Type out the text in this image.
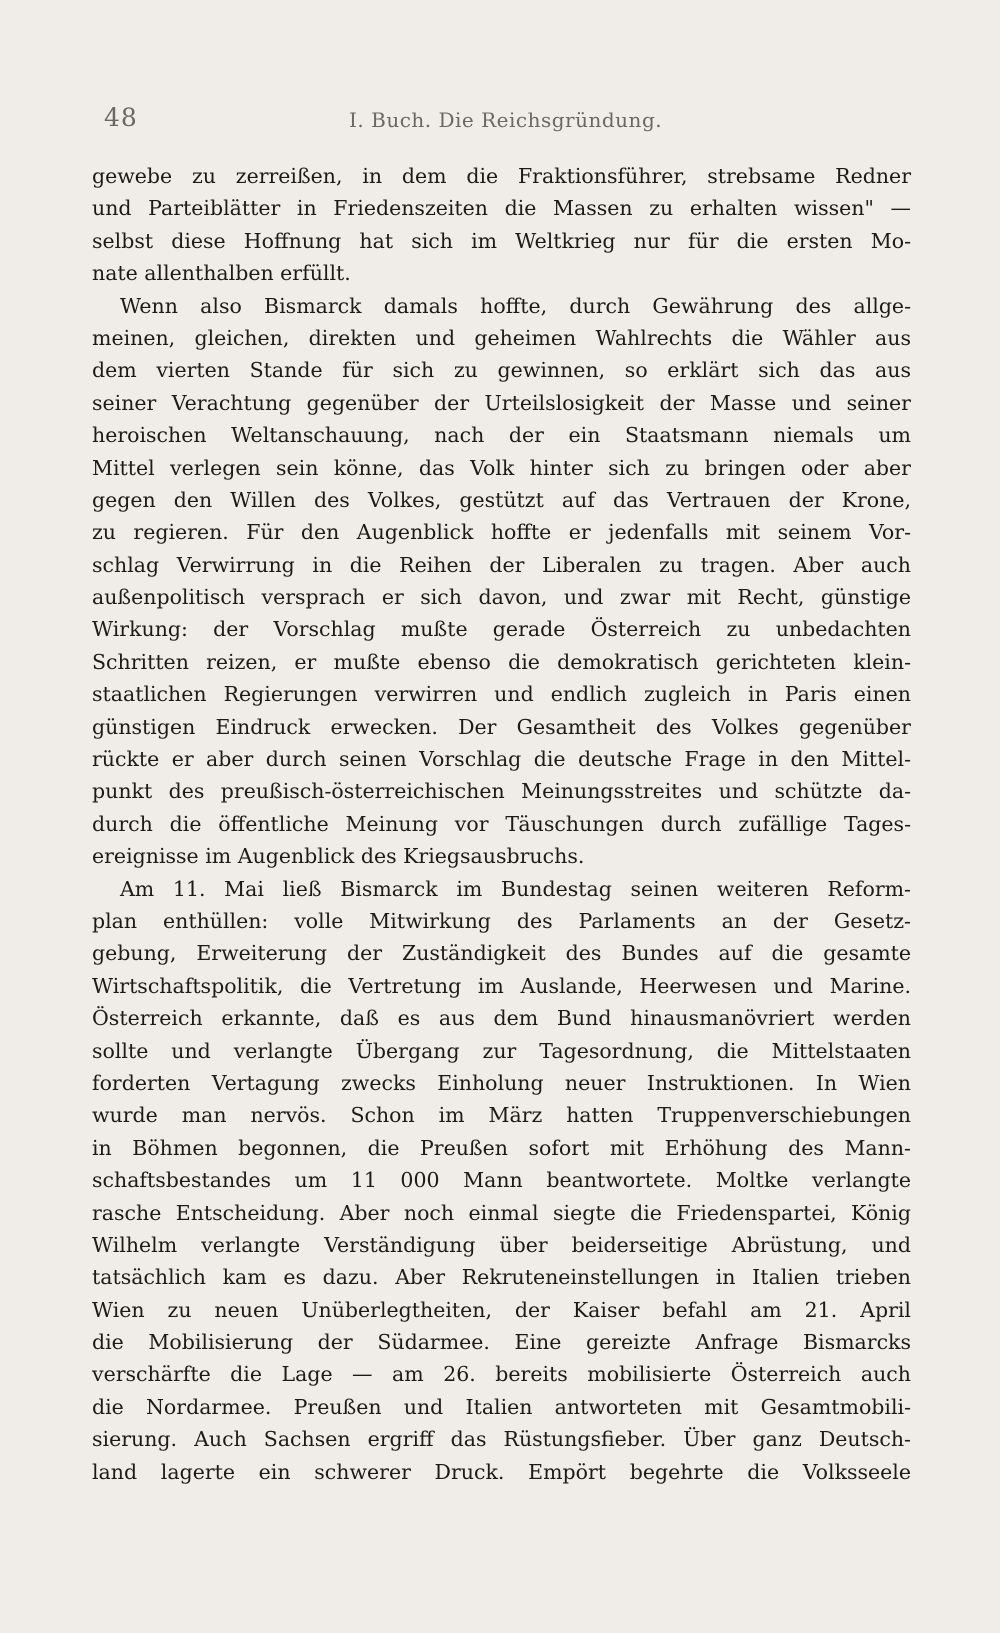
48	I. Buch. Die Reichsgründung.
gewebe zu zerreißen, in dem die Fraktionsführer, strebsame Redner
und Parteiblätter in Friedenszeiten die Massen zu erhalten wissen" —
selbst diese Hoffnung hat sich im Weltkrieg nur für die ersten Mo-
nate allenthalben erfüllt.
Wenn also Bismarck damals hoffte, durch Gewährung des allge-
meinen, gleichen, direkten und geheimen Wahlrechts die Wähler aus
dem vierten Stande für sich zu gewinnen, so erklärt sich das aus
seiner Verachtung gegenüber der Urteilslosigkeit der Masse und seiner
heroischen Weltanschauung, nach der ein Staatsmann niemals um
Mittel verlegen sein könne, das Volk hinter sich zu bringen oder aber
gegen den Willen des Volkes, gestützt auf das Vertrauen der Krone,
zu regieren. Für den Augenblick hoffte er jedenfalls mit seinem Vor-
schlag Verwirrung in die Reihen der Liberalen zu tragen. Aber auch
außenpolitisch versprach er sich davon, und zwar mit Recht, günstige
Wirkung: der Vorschlag mußte gerade Österreich zu unbedachten
Schritten reizen, er mußte ebenso die demokratisch gerichteten klein-
staatlichen Regierungen verwirren und endlich zugleich in Paris einen
günstigen Eindruck erwecken. Der Gesamtheit des Volkes gegenüber
rückte er aber durch seinen Vorschlag die deutsche Frage in den Mittel-
punkt des preußisch-österreichischen Meinungsstreites und schützte da-
durch die öffentliche Meinung vor Täuschungen durch zufällige Tages-
ereignisse im Augenblick des Kriegsausbruchs.
Am 11. Mai ließ Bismarck im Bundestag seinen weiteren Reform-
plan enthüllen: volle Mitwirkung des Parlaments an der Gesetz-
gebung, Erweiterung der Zuständigkeit des Bundes auf die gesamte
Wirtschaftspolitik, die Vertretung im Auslande, Heerwesen und Marine.
Österreich erkannte, daß es aus dem Bund hinausmanövriert werden
sollte und verlangte Übergang zur Tagesordnung, die Mittelstaaten
forderten Vertagung zwecks Einholung neuer Instruktionen. In Wien
wurde man nervös. Schon im März hatten Truppenverschiebungen
in Böhmen begonnen, die Preußen sofort mit Erhöhung des Mann-
schaftsbestandes um 11 000 Mann beantwortete. Moltke verlangte
rasche Entscheidung. Aber noch einmal siegte die Friedenspartei, König
Wilhelm verlangte Verständigung über beiderseitige Abrüstung, und
tatsächlich kam es dazu. Aber Rekruteneinstellungen in Italien trieben
Wien zu neuen Unüberlegtheiten, der Kaiser befahl am 21. April
die Mobilisierung der Südarmee. Eine gereizte Anfrage Bismarcks
verschärfte die Lage — am 26. bereits mobilisierte Österreich auch
die Nordarmee. Preußen und Italien antworteten mit Gesamtmobili-
sierung. Auch Sachsen ergriff das Rüstungsfieber. Über ganz Deutsch-
land lagerte ein schwerer Druck. Empört begehrte die Volksseele
